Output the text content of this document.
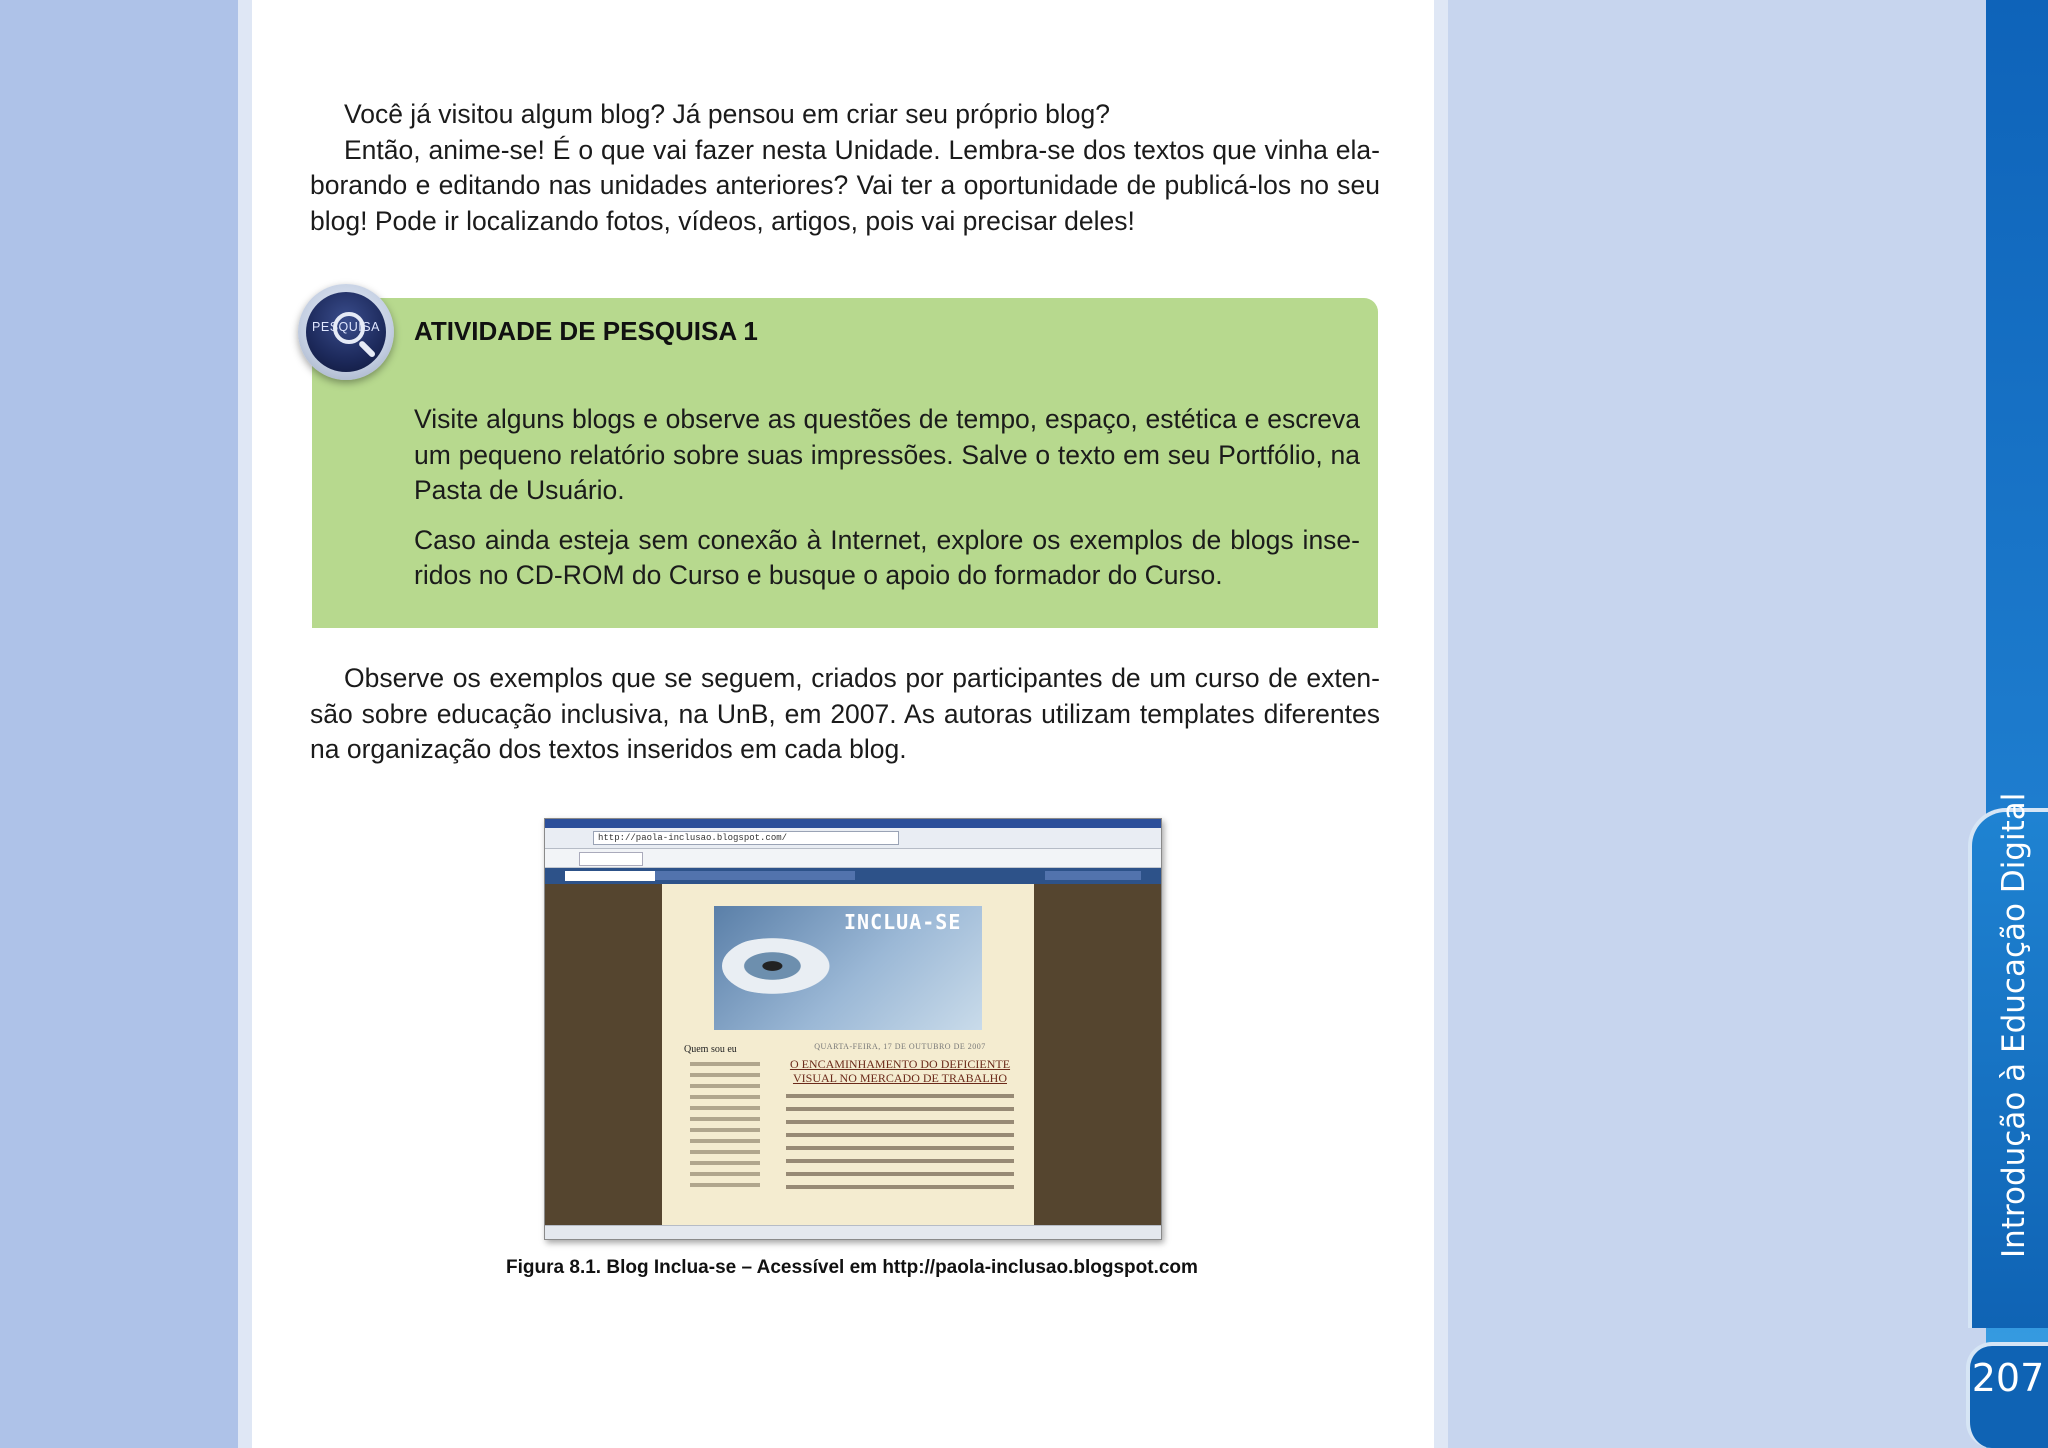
Você já visitou algum blog? Já pensou em criar seu próprio blog?

Então, anime-se! É o que vai fazer nesta Unidade. Lembra-se dos textos que vinha ela-borando e editando nas unidades anteriores? Vai ter a oportunidade de publicá-los no seu blog! Pode ir localizando fotos, vídeos, artigos, pois vai precisar deles!

PESQUISA ATIVIDADE DE PESQUISA 1

Visite alguns blogs e observe as questões de tempo, espaço, estética e escreva um pequeno relatório sobre suas impressões. Salve o texto em seu Portfólio, na Pasta de Usuário.

Caso ainda esteja sem conexão à Internet, explore os exemplos de blogs inse-ridos no CD-ROM do Curso e busque o apoio do formador do Curso.

Observe os exemplos que se seguem, criados por participantes de um curso de exten-são sobre educação inclusiva, na UnB, em 2007. As autoras utilizam templates diferentes na organização dos textos inseridos em cada blog.

http://paola-inclusao.blogspot.com/
INCLUA-SE
Quem sou eu	QUARTA-FEIRA, 17 DE OUTUBRO DE 2007
O ENCAMINHAMENTO DO DEFICIENTE VISUAL NO MERCADO DE TRABALHO

Figura 8.1. Blog Inclua-se – Acessível em http://paola-inclusao.blogspot.com

Introdução à Educação Digital
207
